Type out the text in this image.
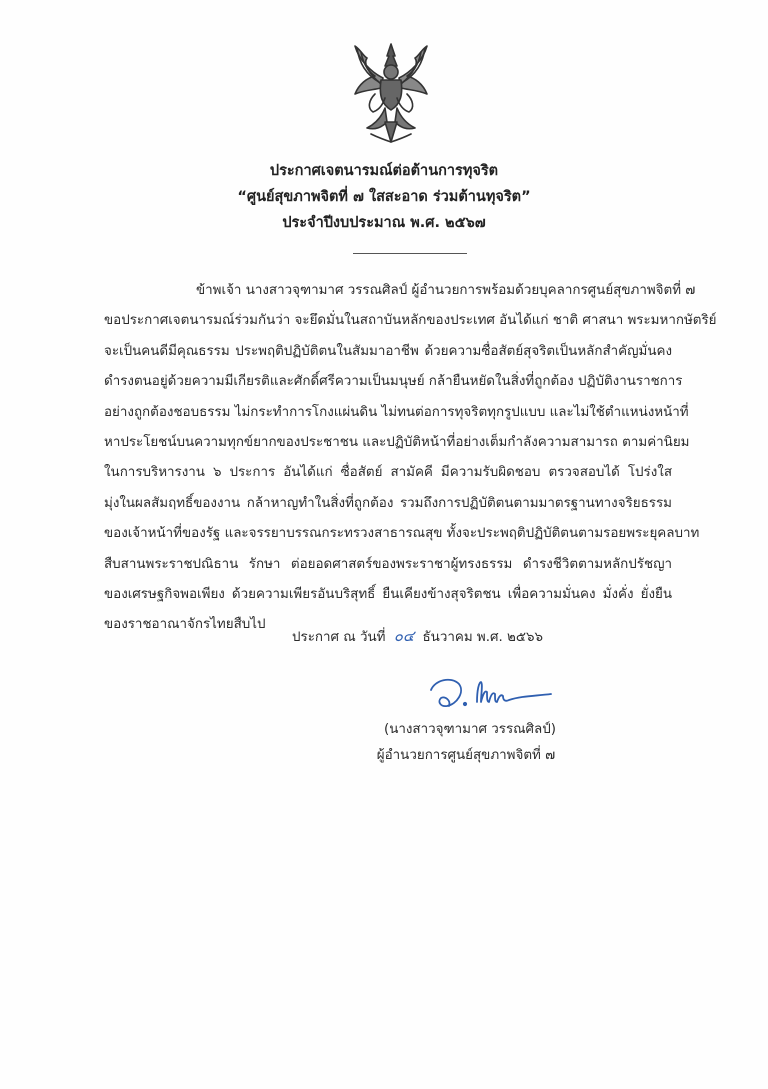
ประกาศเจตนารมณ์ต่อต้านการทุจริต
“ศูนย์สุขภาพจิตที่ ๗ ใสสะอาด ร่วมต้านทุจริต”
ประจำปีงบประมาณ พ.ศ. ๒๕๖๗
ข้าพเจ้า นางสาวจุฑามาศ วรรณศิลป์ ผู้อำนวยการพร้อมด้วยบุคลากรศูนย์สุขภาพจิตที่ ๗
ขอประกาศเจตนารมณ์ร่วมกันว่า จะยึดมั่นในสถาบันหลักของประเทศ อันได้แก่ ชาติ ศาสนา พระมหากษัตริย์
จะเป็นคนดีมีคุณธรรม ประพฤติปฏิบัติตนในสัมมาอาชีพ ด้วยความซื่อสัตย์สุจริตเป็นหลักสำคัญมั่นคง
ดำรงตนอยู่ด้วยความมีเกียรติและศักดิ์ศรีความเป็นมนุษย์ กล้ายืนหยัดในสิ่งที่ถูกต้อง ปฏิบัติงานราชการ
อย่างถูกต้องชอบธรรม ไม่กระทำการโกงแผ่นดิน ไม่ทนต่อการทุจริตทุกรูปแบบ และไม่ใช้ตำแหน่งหน้าที่
หาประโยชน์บนความทุกข์ยากของประชาชน และปฏิบัติหน้าที่อย่างเต็มกำลังความสามารถ ตามค่านิยม
ในการบริหารงาน ๖ ประการ อันได้แก่ ซื่อสัตย์ สามัคคี มีความรับผิดชอบ ตรวจสอบได้ โปร่งใส
มุ่งในผลสัมฤทธิ์ของงาน กล้าหาญทำในสิ่งที่ถูกต้อง รวมถึงการปฏิบัติตนตามมาตรฐานทางจริยธรรม
ของเจ้าหน้าที่ของรัฐ และจรรยาบรรณกระทรวงสาธารณสุข ทั้งจะประพฤติปฏิบัติตนตามรอยพระยุคลบาท
สืบสานพระราชปณิธาน รักษา ต่อยอดศาสตร์ของพระราชาผู้ทรงธรรม ดำรงชีวิตตามหลักปรัชญา
ของเศรษฐกิจพอเพียง ด้วยความเพียรอันบริสุทธิ์ ยืนเคียงข้างสุจริตชน เพื่อความมั่นคง มั่งคั่ง ยั่งยืน
ของราชอาณาจักรไทยสืบไป
ประกาศ ณ วันที่ ๐๔ ธันวาคม พ.ศ. ๒๕๖๖
(นางสาวจุฑามาศ วรรณศิลป์)
ผู้อำนวยการศูนย์สุขภาพจิตที่ ๗
